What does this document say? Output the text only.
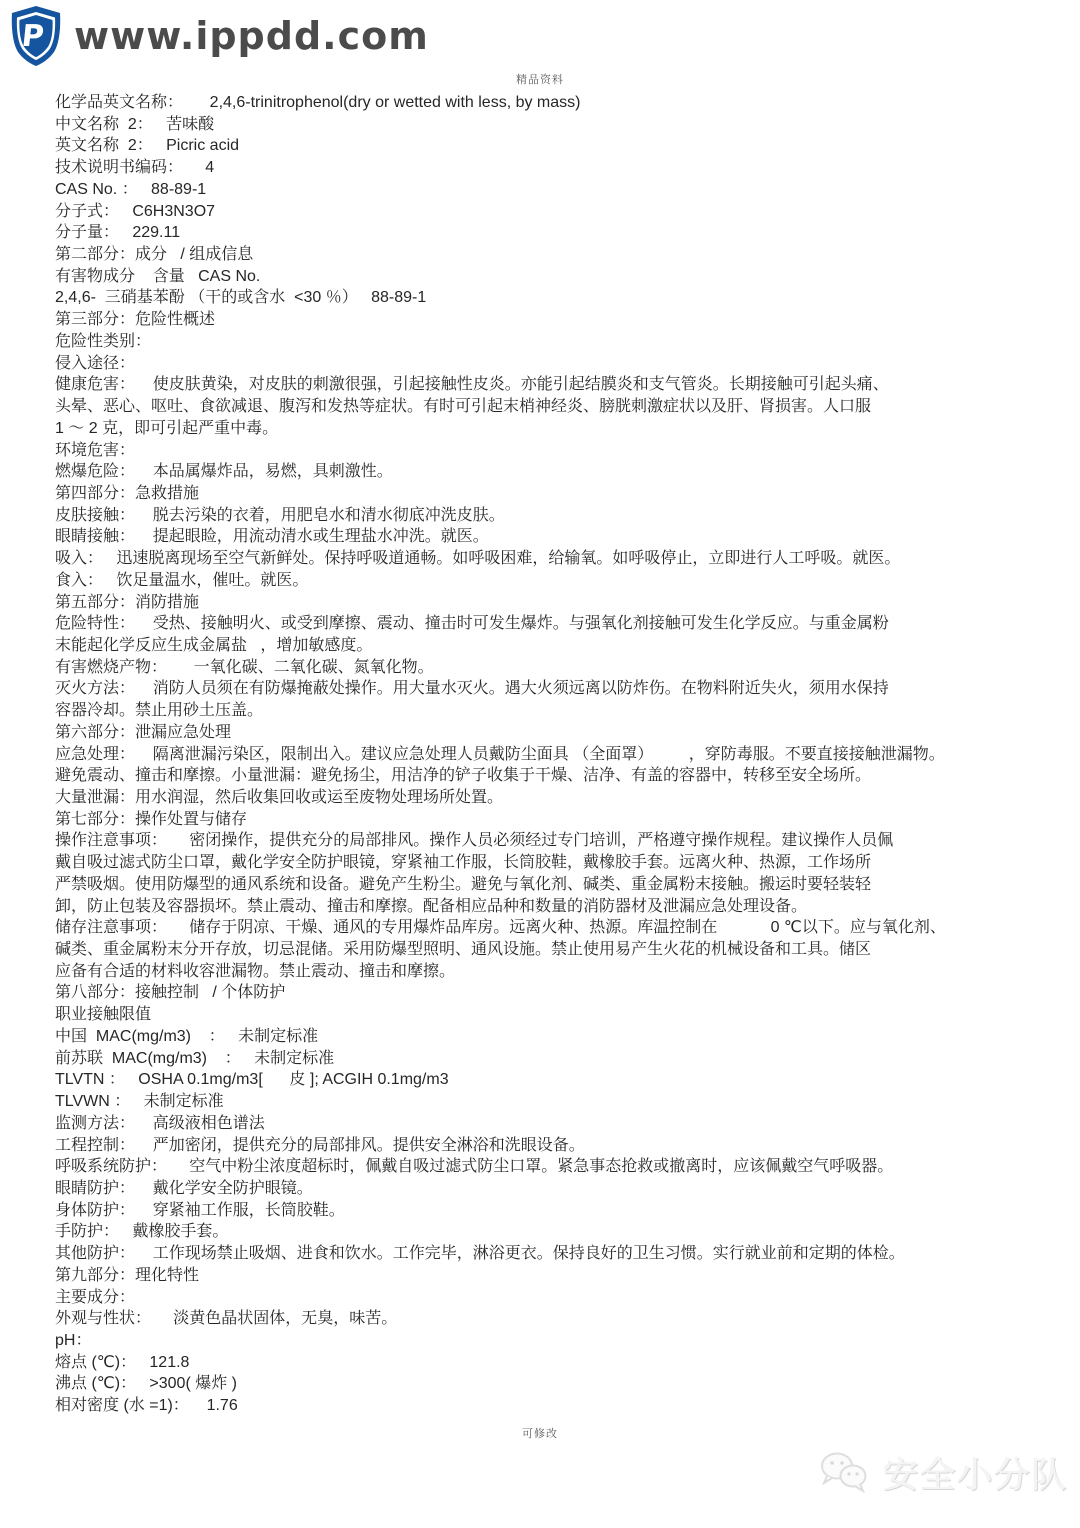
P www.ippdd.com
精品资料
化学品英文名称：      2,4,6-trinitrophenol(dry or wetted with less, by mass)
中文名称  2：   苦味酸
英文名称  2：   Picric acid
技术说明书编码：     4
CAS No. ：   88-89-1
分子式：   C6H3N3O7
分子量：   229.11
第二部分：成分   / 组成信息
有害物成分    含量   CAS No.
2,4,6-  三硝基苯酚 （干的或含水  <30 ％）   88-89-1
第三部分：危险性概述
危险性类别：
侵入途径：
健康危害：    使皮肤黄染，对皮肤的刺激很强，引起接触性皮炎。亦能引起结膜炎和支气管炎。长期接触可引起头痛、
头晕、恶心、呕吐、食欲减退、腹泻和发热等症状。有时可引起末梢神经炎、膀胱刺激症状以及肝、肾损害。人口服
1 ～ 2 克，即可引起严重中毒。
环境危害：
燃爆危险：    本品属爆炸品，易燃，具刺激性。
第四部分：急救措施
皮肤接触：    脱去污染的衣着，用肥皂水和清水彻底冲洗皮肤。
眼睛接触：    提起眼睑，用流动清水或生理盐水冲洗。就医。
吸入：   迅速脱离现场至空气新鲜处。保持呼吸道通畅。如呼吸困难，给输氧。如呼吸停止，立即进行人工呼吸。就医。
食入：   饮足量温水，催吐。就医。
第五部分：消防措施
危险特性：    受热、接触明火、或受到摩擦、震动、撞击时可发生爆炸。与强氧化剂接触可发生化学反应。与重金属粉
末能起化学反应生成金属盐   ，增加敏感度。
有害燃烧产物：      一氧化碳、二氧化碳、氮氧化物。
灭火方法：    消防人员须在有防爆掩蔽处操作。用大量水灭火。遇大火须远离以防炸伤。在物料附近失火，须用水保持
容器冷却。禁止用砂土压盖。
第六部分：泄漏应急处理
应急处理：    隔离泄漏污染区，限制出入。建议应急处理人员戴防尘面具 （全面罩）        ，穿防毒服。不要直接接触泄漏物。
避免震动、撞击和摩擦。小量泄漏：避免扬尘，用洁净的铲子收集于干燥、洁净、有盖的容器中，转移至安全场所。
大量泄漏：用水润湿，然后收集回收或运至废物处理场所处置。
第七部分：操作处置与储存
操作注意事项：     密闭操作，提供充分的局部排风。操作人员必须经过专门培训，严格遵守操作规程。建议操作人员佩
戴自吸过滤式防尘口罩，戴化学安全防护眼镜，穿紧袖工作服，长筒胶鞋，戴橡胶手套。远离火种、热源，工作场所
严禁吸烟。使用防爆型的通风系统和设备。避免产生粉尘。避免与氧化剂、碱类、重金属粉末接触。搬运时要轻装轻
卸，防止包装及容器损坏。禁止震动、撞击和摩擦。配备相应品种和数量的消防器材及泄漏应急处理设备。
储存注意事项：     储存于阴凉、干燥、通风的专用爆炸品库房。远离火种、热源。库温控制在            0 ℃以下。应与氧化剂、
碱类、重金属粉末分开存放，切忌混储。采用防爆型照明、通风设施。禁止使用易产生火花的机械设备和工具。储区
应备有合适的材料收容泄漏物。禁止震动、撞击和摩擦。
第八部分：接触控制   / 个体防护
职业接触限值
中国  MAC(mg/m3)    ：   未制定标准
前苏联  MAC(mg/m3)    ：   未制定标准
TLVTN ：   OSHA 0.1mg/m3[      皮 ]; ACGIH 0.1mg/m3
TLVWN ：   未制定标准
监测方法：    高级液相色谱法
工程控制：    严加密闭，提供充分的局部排风。提供安全淋浴和洗眼设备。
呼吸系统防护：     空气中粉尘浓度超标时，佩戴自吸过滤式防尘口罩。紧急事态抢救或撤离时，应该佩戴空气呼吸器。
眼睛防护：    戴化学安全防护眼镜。
身体防护：    穿紧袖工作服，长筒胶鞋。
手防护：   戴橡胶手套。
其他防护：    工作现场禁止吸烟、进食和饮水。工作完毕，淋浴更衣。保持良好的卫生习惯。实行就业前和定期的体检。
第九部分：理化特性
主要成分：
外观与性状：     淡黄色晶状固体，无臭，味苦。
pH：
熔点 (℃)：   121.8
沸点 (℃)：   >300( 爆炸 )
相对密度 (水 =1)：    1.76
可修改
安全小分队
